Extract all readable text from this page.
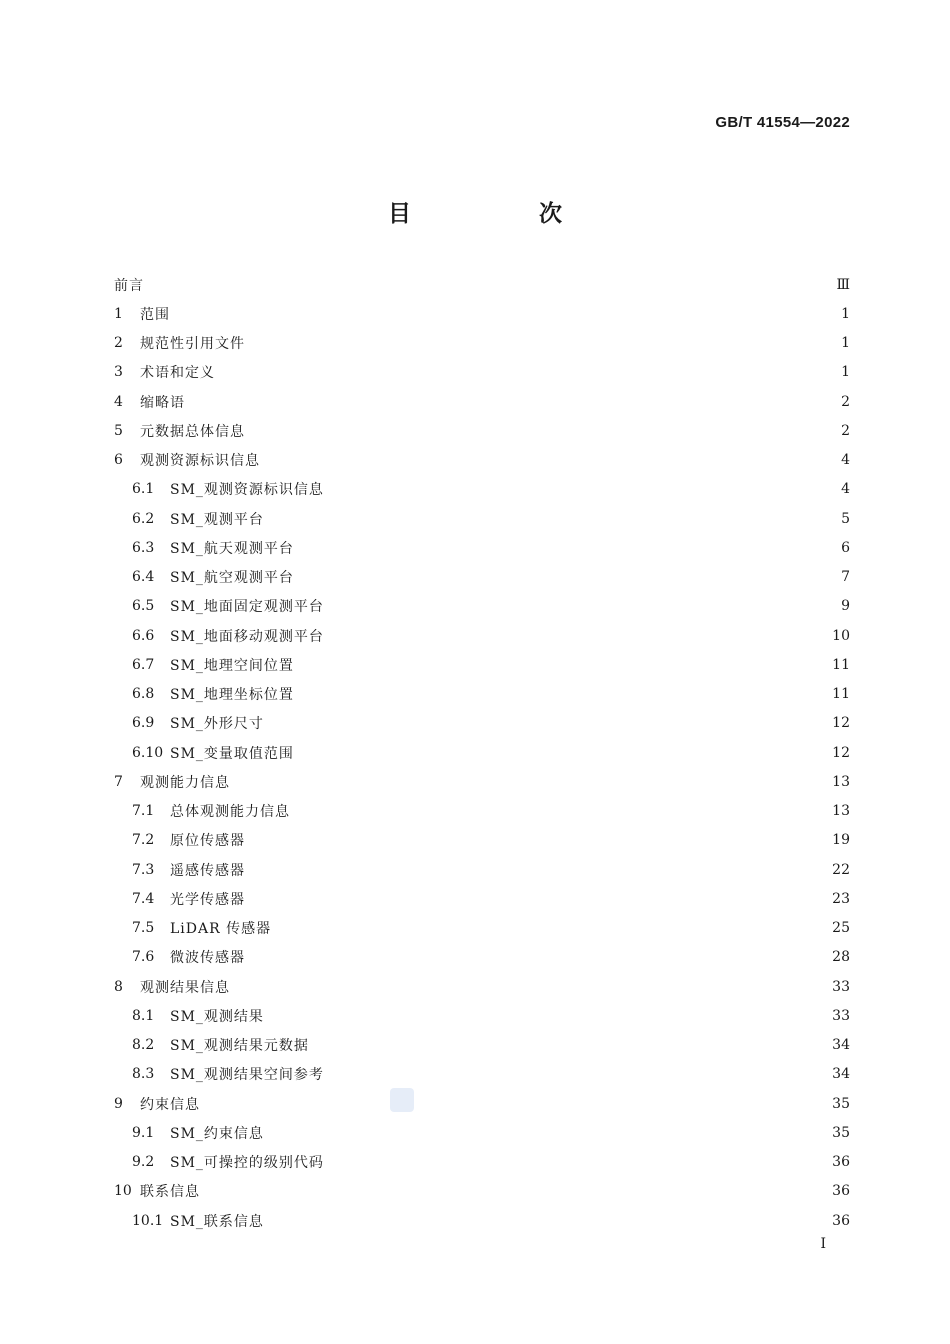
GB/T 41554—2022
目 次
前言	Ⅲ
1	范围	1
2	规范性引用文件	1
3	术语和定义	1
4	缩略语	2
5	元数据总体信息	2
6	观测资源标识信息	4
6.1	SM_观测资源标识信息	4
6.2	SM_观测平台	5
6.3	SM_航天观测平台	6
6.4	SM_航空观测平台	7
6.5	SM_地面固定观测平台	9
6.6	SM_地面移动观测平台	10
6.7	SM_地理空间位置	11
6.8	SM_地理坐标位置	11
6.9	SM_外形尺寸	12
6.10 SM_变量取值范围	12
7	观测能力信息	13
7.1	总体观测能力信息	13
7.2	原位传感器	19
7.3	遥感传感器	22
7.4	光学传感器	23
7.5	LiDAR 传感器	25
7.6	微波传感器	28
8	观测结果信息	33
8.1	SM_观测结果	33
8.2	SM_观测结果元数据	34
8.3	SM_观测结果空间参考	34
9	约束信息	35
9.1	SM_约束信息	35
9.2	SM_可操控的级别代码	36
10 联系信息	36
10.1 SM_联系信息	36
I
